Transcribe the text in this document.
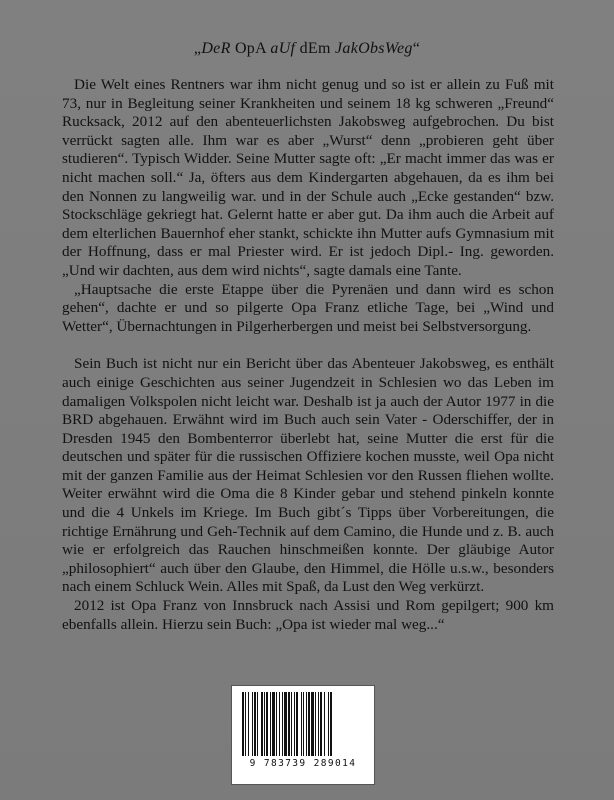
„DeR OpA aUf dEm JakObsWeg“

Die Welt eines Rentners war ihm nicht genug und so ist er allein zu Fuß mit 73, nur in Begleitung seiner Krankheiten und seinem 18 kg schweren „Freund“ Rucksack, 2012 auf den abenteuerlichsten Jakobsweg aufgebrochen. Du bist verrückt sagten alle. Ihm war es aber „Wurst“ denn „probieren geht über studieren“. Typisch Widder. Seine Mutter sagte oft: „Er macht immer das was er nicht machen soll.“ Ja, öfters aus dem Kindergarten abgehauen, da es ihm bei den Nonnen zu langweilig war. und in der Schule auch „Ecke gestanden“ bzw. Stockschläge gekriegt hat. Gelernt hatte er aber gut. Da ihm auch die Arbeit auf dem elterlichen Bauernhof eher stankt, schickte ihn Mutter aufs Gymnasium mit der Hoffnung, dass er mal Priester wird. Er ist jedoch Dipl.- Ing. geworden. „Und wir dachten, aus dem wird nichts“, sagte damals eine Tante.

„Hauptsache die erste Etappe über die Pyrenäen und dann wird es schon gehen“, dachte er und so pilgerte Opa Franz etliche Tage, bei „Wind und Wetter“, Übernachtungen in Pilgerherbergen und meist bei Selbstversorgung.

Sein Buch ist nicht nur ein Bericht über das Abenteuer Jakobsweg, es enthält auch einige Geschichten aus seiner Jugendzeit in Schlesien wo das Leben im damaligen Volkspolen nicht leicht war. Deshalb ist ja auch der Autor 1977 in die BRD abgehauen. Erwähnt wird im Buch auch sein Vater - Oderschiffer, der in Dresden 1945 den Bombenterror überlebt hat, seine Mutter die erst für die deutschen und später für die russischen Offiziere kochen musste, weil Opa nicht mit der ganzen Familie aus der Heimat Schlesien vor den Russen fliehen wollte. Weiter erwähnt wird die Oma die 8 Kinder gebar und stehend pinkeln konnte und die 4 Unkels im Kriege. Im Buch gibt´s Tipps über Vorbereitungen, die richtige Ernährung und Geh-Technik auf dem Camino, die Hunde und z. B. auch wie er erfolgreich das Rauchen hinschmeißen konnte. Der gläubige Autor „philosophiert“ auch über den Glaube, den Himmel, die Hölle u.s.w., besonders nach einem Schluck Wein. Alles mit Spaß, da Lust den Weg verkürzt.

2012 ist Opa Franz von Innsbruck nach Assisi und Rom gepilgert; 900 km ebenfalls allein. Hierzu sein Buch: „Opa ist wieder mal weg...“

9 783739 289014
